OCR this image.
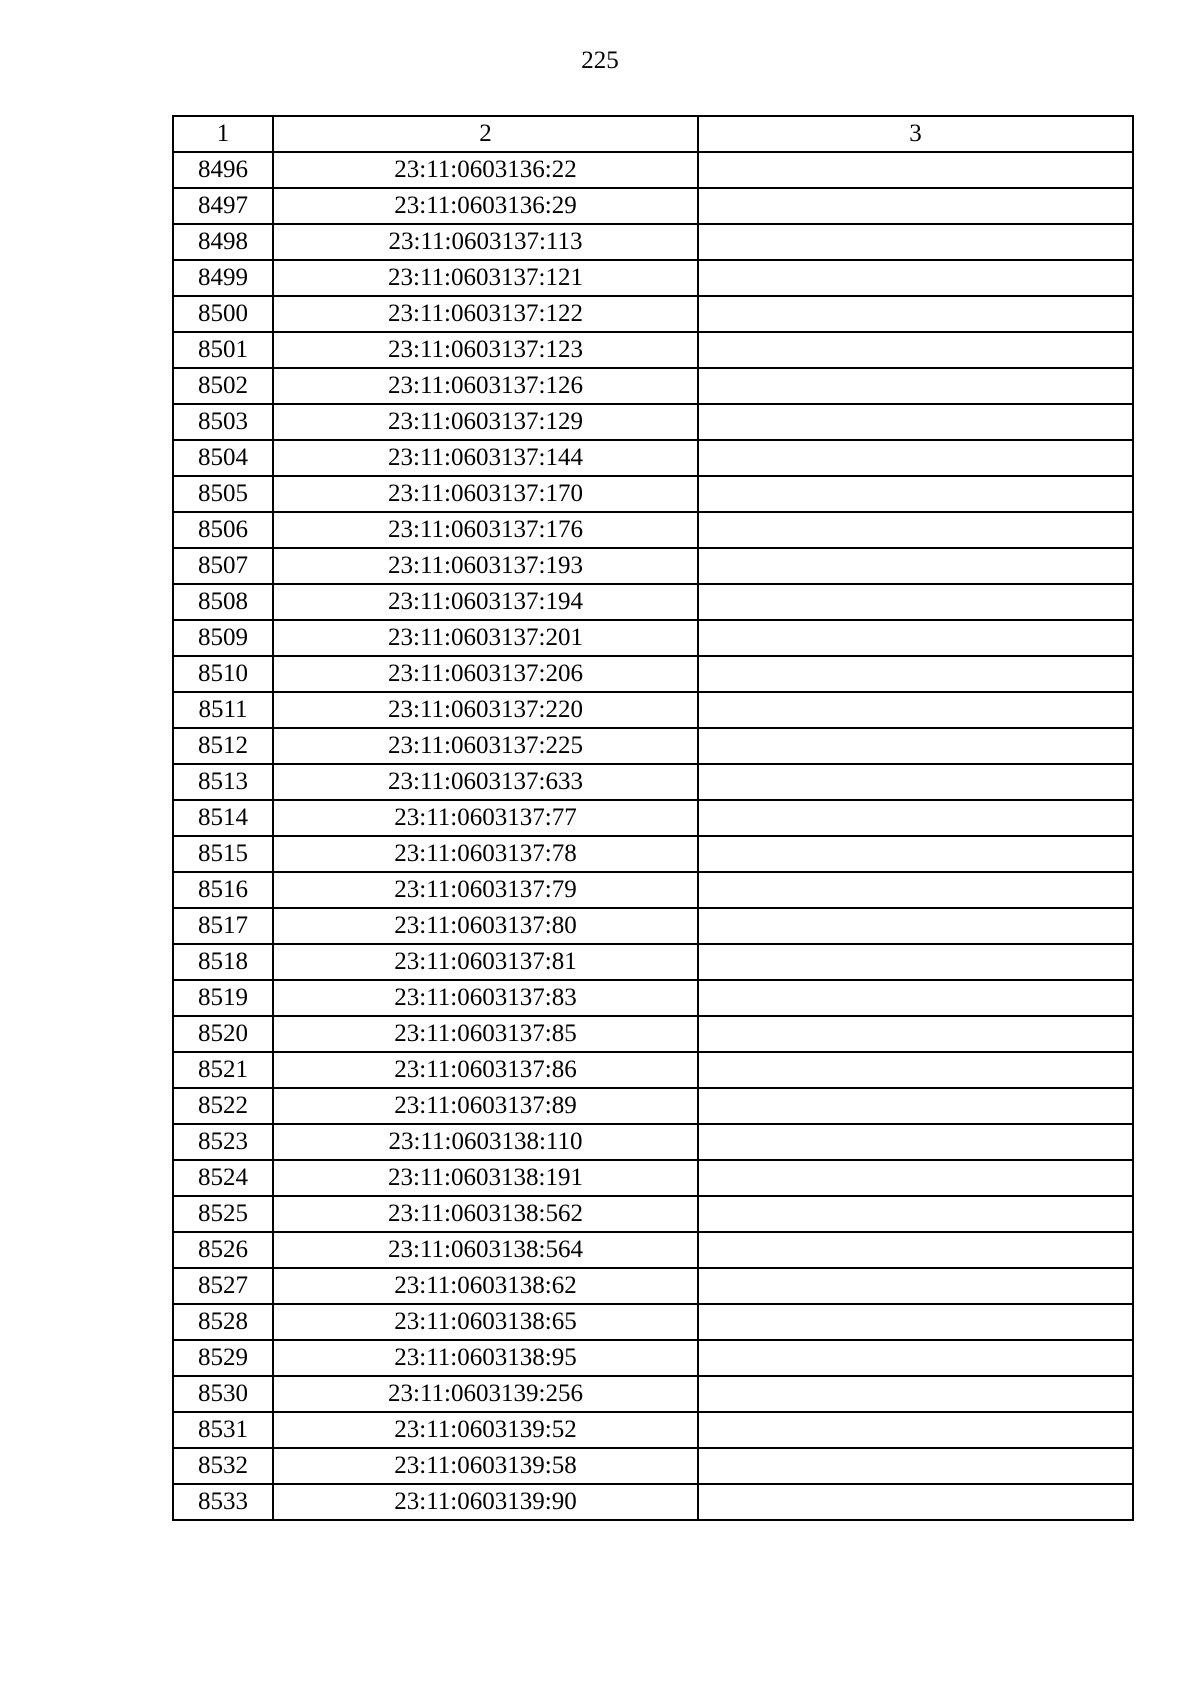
225
1	2	3
8496	23:11:0603136:22	
8497	23:11:0603136:29	
8498	23:11:0603137:113	
8499	23:11:0603137:121	
8500	23:11:0603137:122	
8501	23:11:0603137:123	
8502	23:11:0603137:126	
8503	23:11:0603137:129	
8504	23:11:0603137:144	
8505	23:11:0603137:170	
8506	23:11:0603137:176	
8507	23:11:0603137:193	
8508	23:11:0603137:194	
8509	23:11:0603137:201	
8510	23:11:0603137:206	
8511	23:11:0603137:220	
8512	23:11:0603137:225	
8513	23:11:0603137:633	
8514	23:11:0603137:77	
8515	23:11:0603137:78	
8516	23:11:0603137:79	
8517	23:11:0603137:80	
8518	23:11:0603137:81	
8519	23:11:0603137:83	
8520	23:11:0603137:85	
8521	23:11:0603137:86	
8522	23:11:0603137:89	
8523	23:11:0603138:110	
8524	23:11:0603138:191	
8525	23:11:0603138:562	
8526	23:11:0603138:564	
8527	23:11:0603138:62	
8528	23:11:0603138:65	
8529	23:11:0603138:95	
8530	23:11:0603139:256	
8531	23:11:0603139:52	
8532	23:11:0603139:58	
8533	23:11:0603139:90	
